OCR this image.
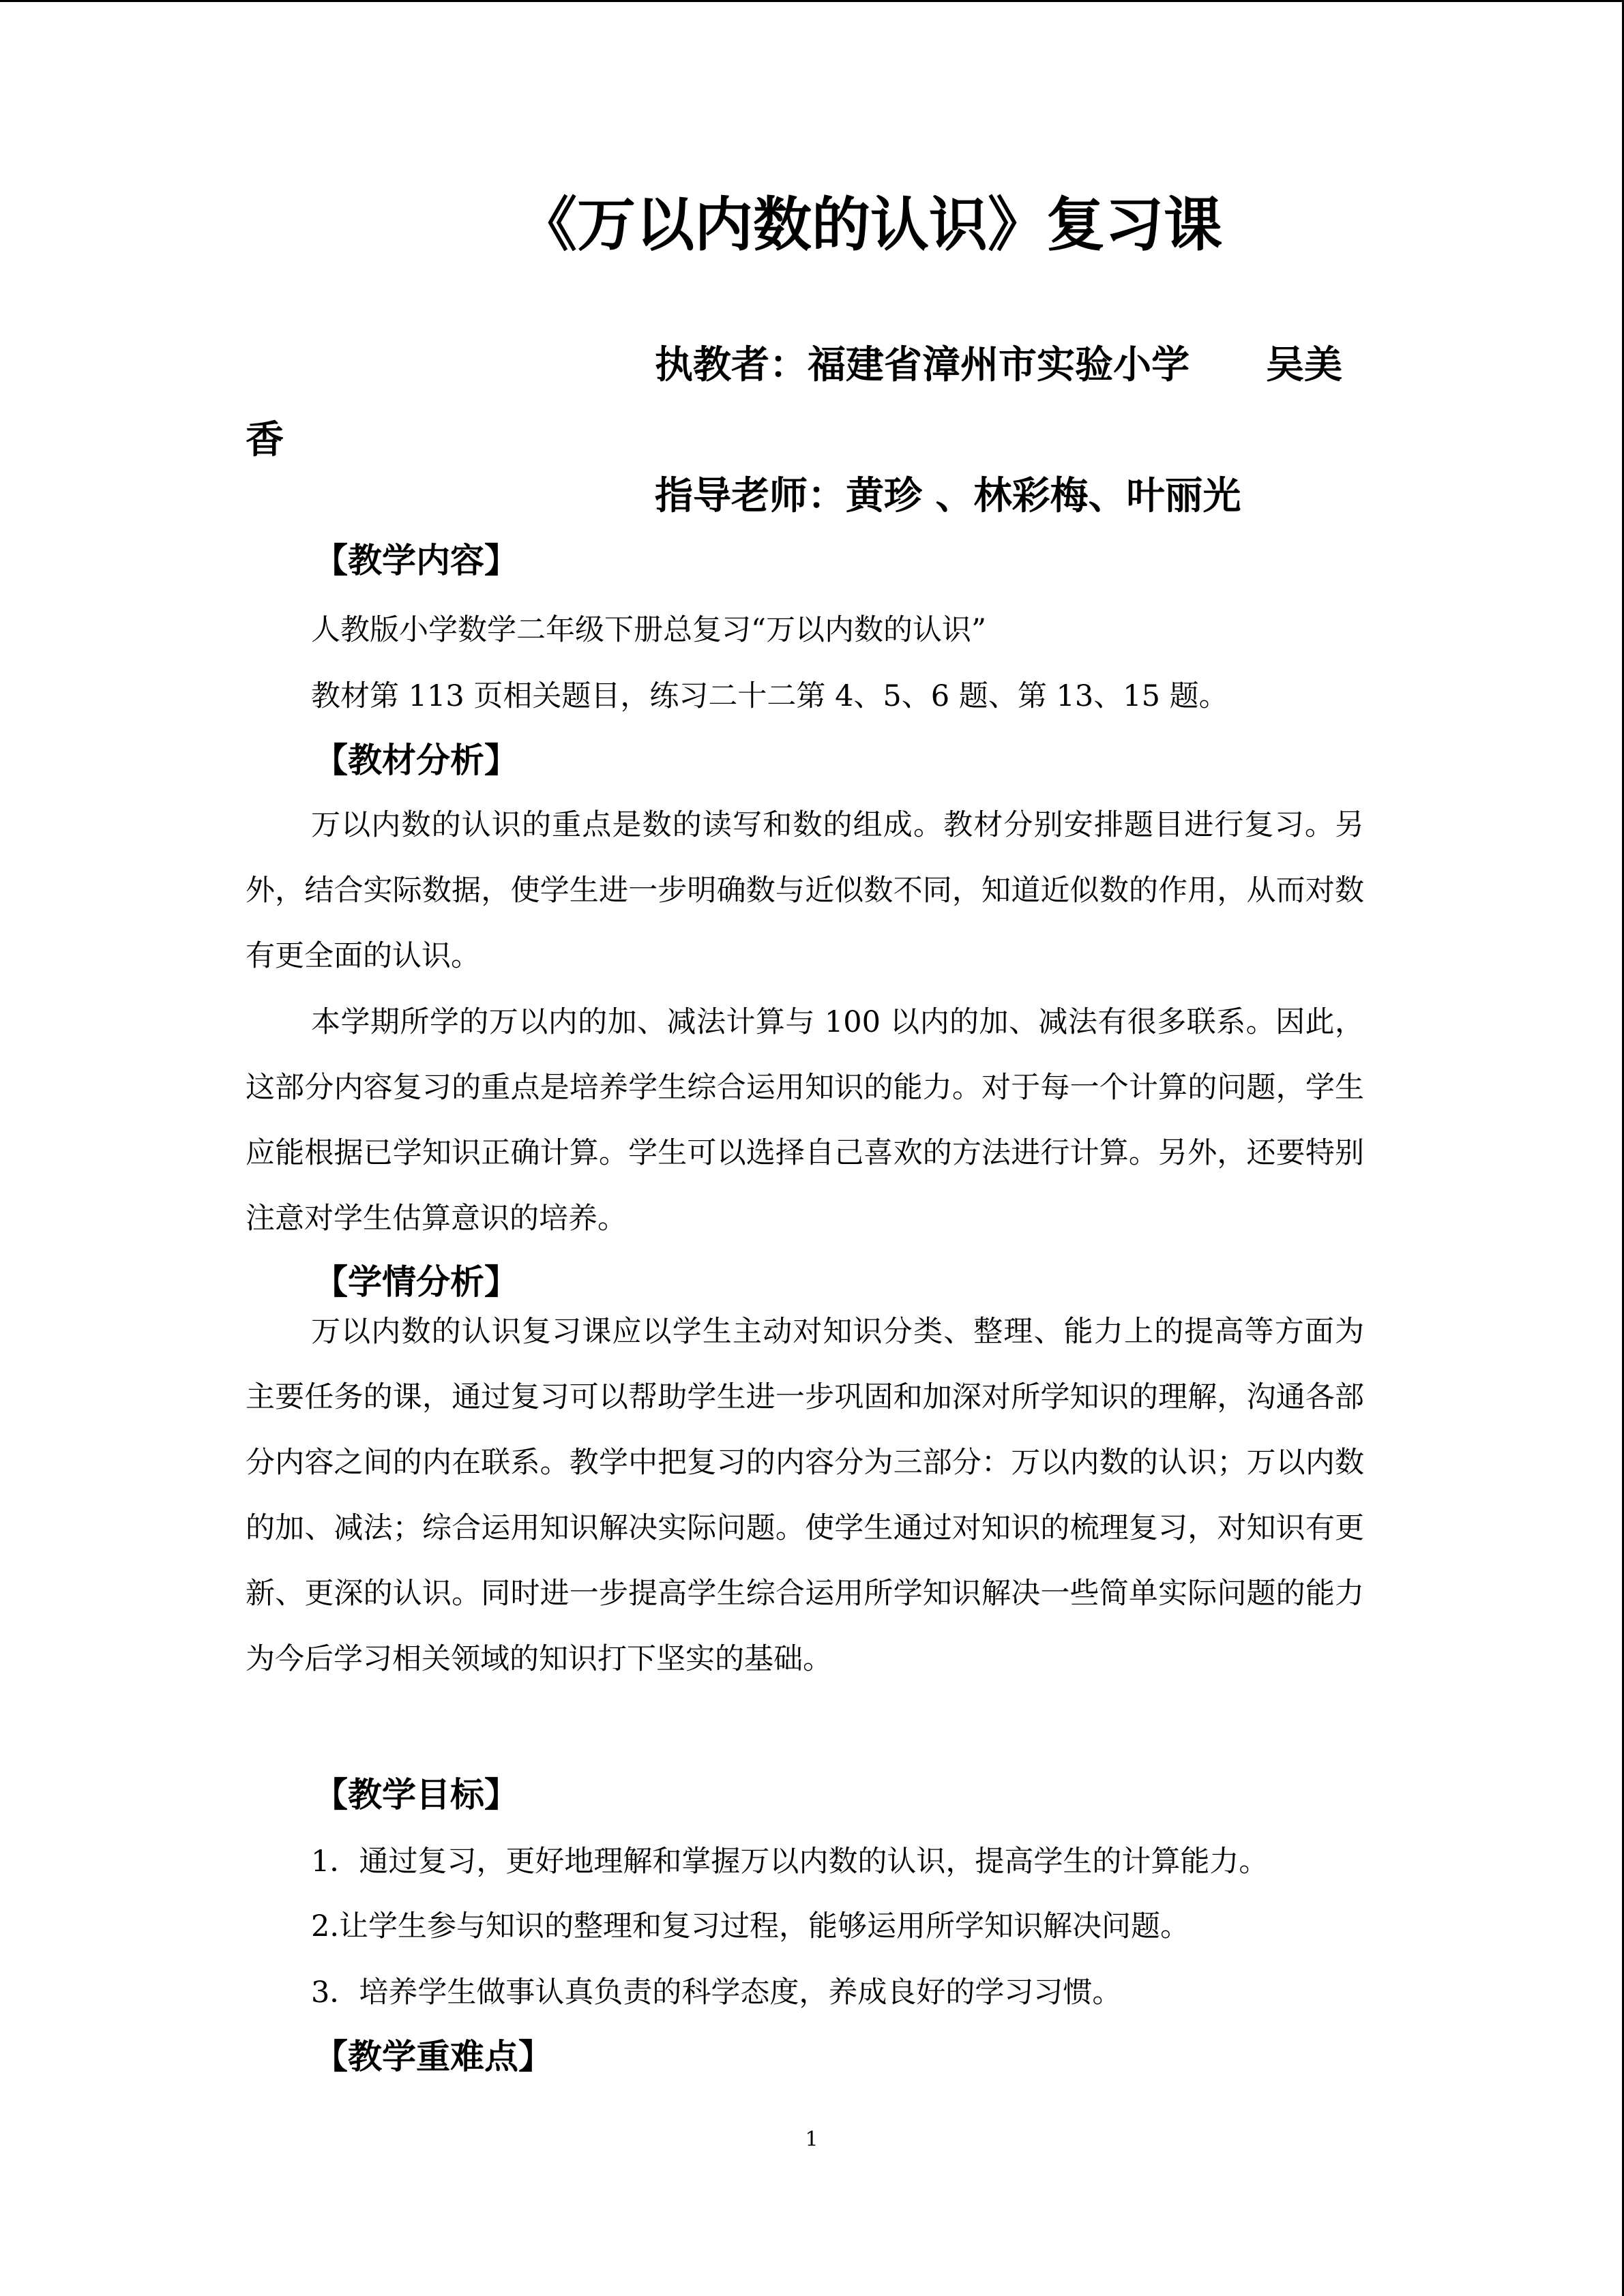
《万以内数的认识》复习课
执教者：福建省漳州市实验小学　　吴美
香
指导老师：黄珍 、林彩梅、叶丽光
【教学内容】
人教版小学数学二年级下册总复习“万以内数的认识”
教材第 113 页相关题目，练习二十二第 4、5、6 题、第 13、15 题。
【教材分析】
万以内数的认识的重点是数的读写和数的组成。教材分别安排题目进行复习。另外，结合实际数据，使学生进一步明确数与近似数不同，知道近似数的作用，从而对数有更全面的认识。
本学期所学的万以内的加、减法计算与 100 以内的加、减法有很多联系。因此，这部分内容复习的重点是培养学生综合运用知识的能力。对于每一个计算的问题，学生应能根据已学知识正确计算。学生可以选择自己喜欢的方法进行计算。另外，还要特别注意对学生估算意识的培养。
【学情分析】
万以内数的认识复习课应以学生主动对知识分类、整理、能力上的提高等方面为主要任务的课，通过复习可以帮助学生进一步巩固和加深对所学知识的理解，沟通各部分内容之间的内在联系。教学中把复习的内容分为三部分：万以内数的认识；万以内数的加、减法；综合运用知识解决实际问题。使学生通过对知识的梳理复习，对知识有更新、更深的认识。同时进一步提高学生综合运用所学知识解决一些简单实际问题的能力为今后学习相关领域的知识打下坚实的基础。
【教学目标】
1．通过复习，更好地理解和掌握万以内数的认识，提高学生的计算能力。
2.让学生参与知识的整理和复习过程，能够运用所学知识解决问题。
3．培养学生做事认真负责的科学态度，养成良好的学习习惯。
【教学重难点】
1
